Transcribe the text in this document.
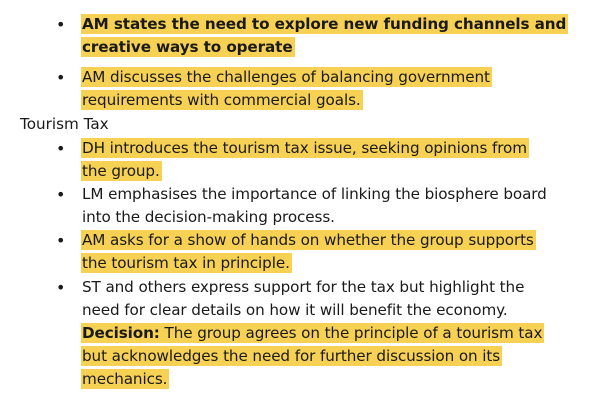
• AM states the need to explore new funding channels and
creative ways to operate
• AM discusses the challenges of balancing government
requirements with commercial goals.
Tourism Tax
• DH introduces the tourism tax issue, seeking opinions from
the group.
• LM emphasises the importance of linking the biosphere board
into the decision-making process.
• AM asks for a show of hands on whether the group supports
the tourism tax in principle.
• ST and others express support for the tax but highlight the
need for clear details on how it will benefit the economy.
Decision: The group agrees on the principle of a tourism tax
but acknowledges the need for further discussion on its
mechanics.
